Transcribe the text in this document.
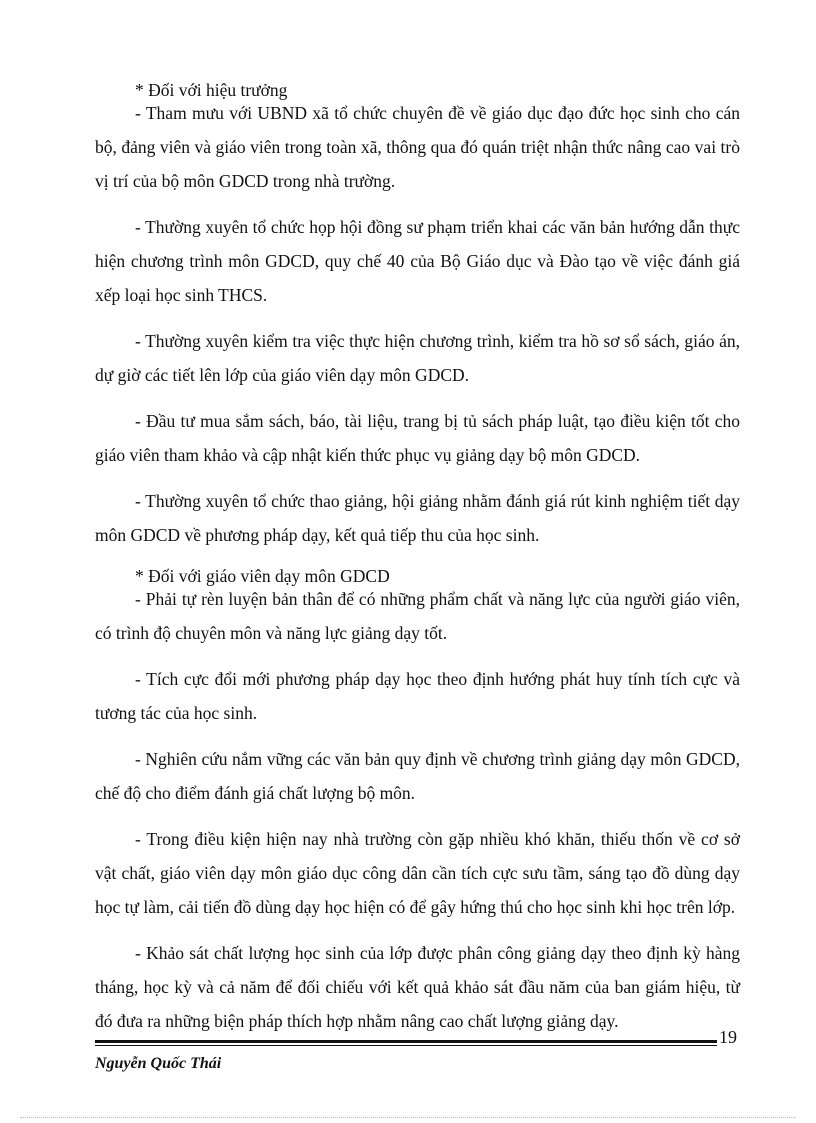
* Đối với hiệu trưởng

- Tham mưu với UBND xã tổ chức chuyên đề về giáo dục đạo đức học sinh cho cán bộ, đảng viên và giáo viên trong toàn xã, thông qua đó quán triệt nhận thức nâng cao vai trò vị trí của bộ môn GDCD trong nhà trường.

- Thường xuyên tổ chức họp hội đồng sư phạm triển khai các văn bản hướng dẫn thực hiện chương trình môn GDCD, quy chế 40 của Bộ Giáo dục và Đào tạo về việc đánh giá xếp loại học sinh THCS.

- Thường xuyên kiểm tra việc thực hiện chương trình, kiểm tra hồ sơ sổ sách, giáo án, dự giờ các tiết lên lớp của giáo viên dạy môn GDCD.

- Đầu tư mua sắm sách, báo, tài liệu, trang bị tủ sách pháp luật, tạo điều kiện tốt cho giáo viên tham khảo và cập nhật kiến thức phục vụ giảng dạy bộ môn GDCD.

- Thường xuyên tổ chức thao giảng, hội giảng nhằm đánh giá rút kinh nghiệm tiết dạy môn GDCD về phương pháp dạy, kết quả tiếp thu của học sinh.

* Đối với giáo viên dạy môn GDCD

- Phải tự rèn luyện bản thân để có những phẩm chất và năng lực của người giáo viên, có trình độ chuyên môn và năng lực giảng dạy tốt.

- Tích cực đổi mới phương pháp dạy học theo định hướng phát huy tính tích cực và tương tác của học sinh.

- Nghiên cứu nắm vững các văn bản quy định về chương trình giảng dạy môn GDCD, chế độ cho điểm đánh giá chất lượng bộ môn.

- Trong điều kiện hiện nay nhà trường còn gặp nhiều khó khăn, thiếu thốn về cơ sở vật chất, giáo viên dạy môn giáo dục công dân cần tích cực sưu tầm, sáng tạo đồ dùng dạy học tự làm, cải tiến đồ dùng dạy học hiện có để gây hứng thú cho học sinh khi học trên lớp.

- Khảo sát chất lượng học sinh của lớp được phân công giảng dạy theo định kỳ hàng tháng, học kỳ và cả năm để đối chiếu với kết quả khảo sát đầu năm của ban giám hiệu, từ đó đưa ra những biện pháp thích hợp nhằm nâng cao chất lượng giảng dạy.

19
Nguyễn Quốc Thái
